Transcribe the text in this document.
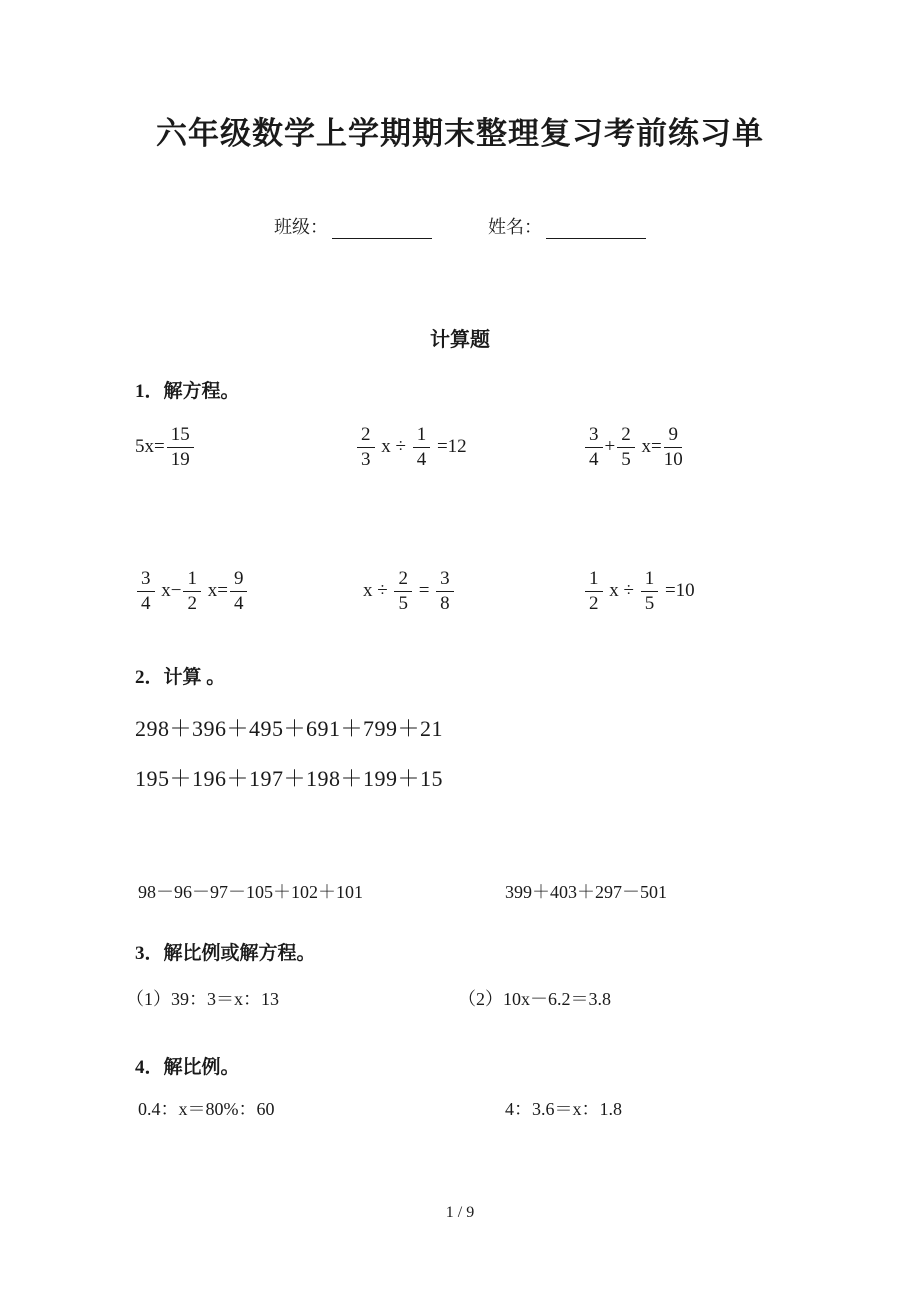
六年级数学上学期期末整理复习考前练习单
班级：	姓名：
计算题
1．解方程。
$5x= \frac{15}{19}$	$\frac{2}{3}$ $x \div \frac{1}{4} =12$	$\frac{3}{4} + \frac{2}{5} x= \frac{9}{10}$
$\frac{3}{4} x- \frac{1}{2} x= \frac{9}{4}$	$x \div \frac{2}{5} = \frac{3}{8}$	$\frac{1}{2}$ $x \div \frac{1}{5} =10$
2．计算 。
298＋396＋495＋691＋799＋21
195＋196＋197＋198＋199＋15
98－96－97－105＋102＋101	399＋403＋297－501
3．解比例或解方程。
（1）39：3＝x：13	（2）10x－6.2＝3.8
4．解比例。
0.4：x＝80%：60	4：3.6＝x：1.8
1 / 9
